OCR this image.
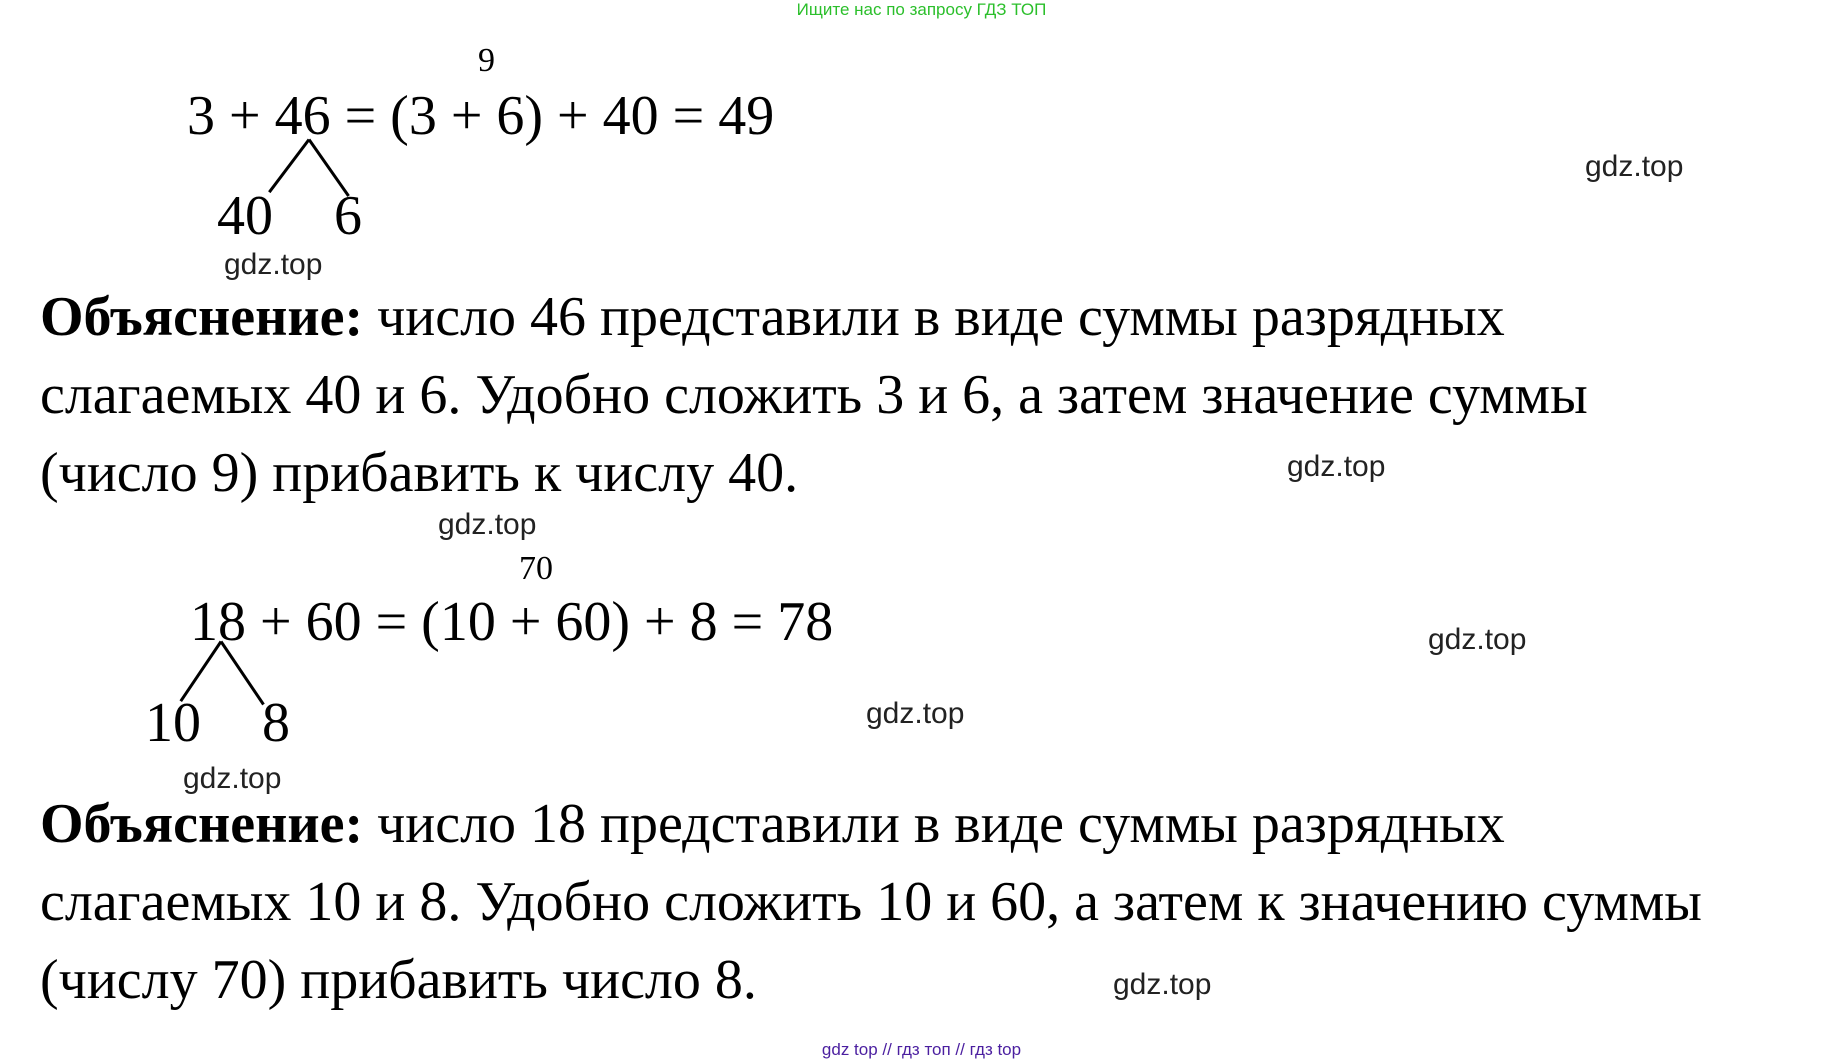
Ищите нас по запросу ГДЗ ТОП
9
3 + 46 = (3 + 6) + 40 = 49
40 6
gdz.top
gdz.top
Объяснение: число 46 представили в виде суммы разрядных
слагаемых 40 и 6. Удобно сложить 3 и 6, а затем значение суммы
(число 9) прибавить к числу 40.	gdz.top
gdz.top
70
18 + 60 = (10 + 60) + 8 = 78
10 8
gdz.top
gdz.top
gdz.top
Объяснение: число 18 представили в виде суммы разрядных
слагаемых 10 и 8. Удобно сложить 10 и 60, а затем к значению суммы
(числу 70) прибавить число 8.	gdz.top
gdz top // гдз топ // гдз top
